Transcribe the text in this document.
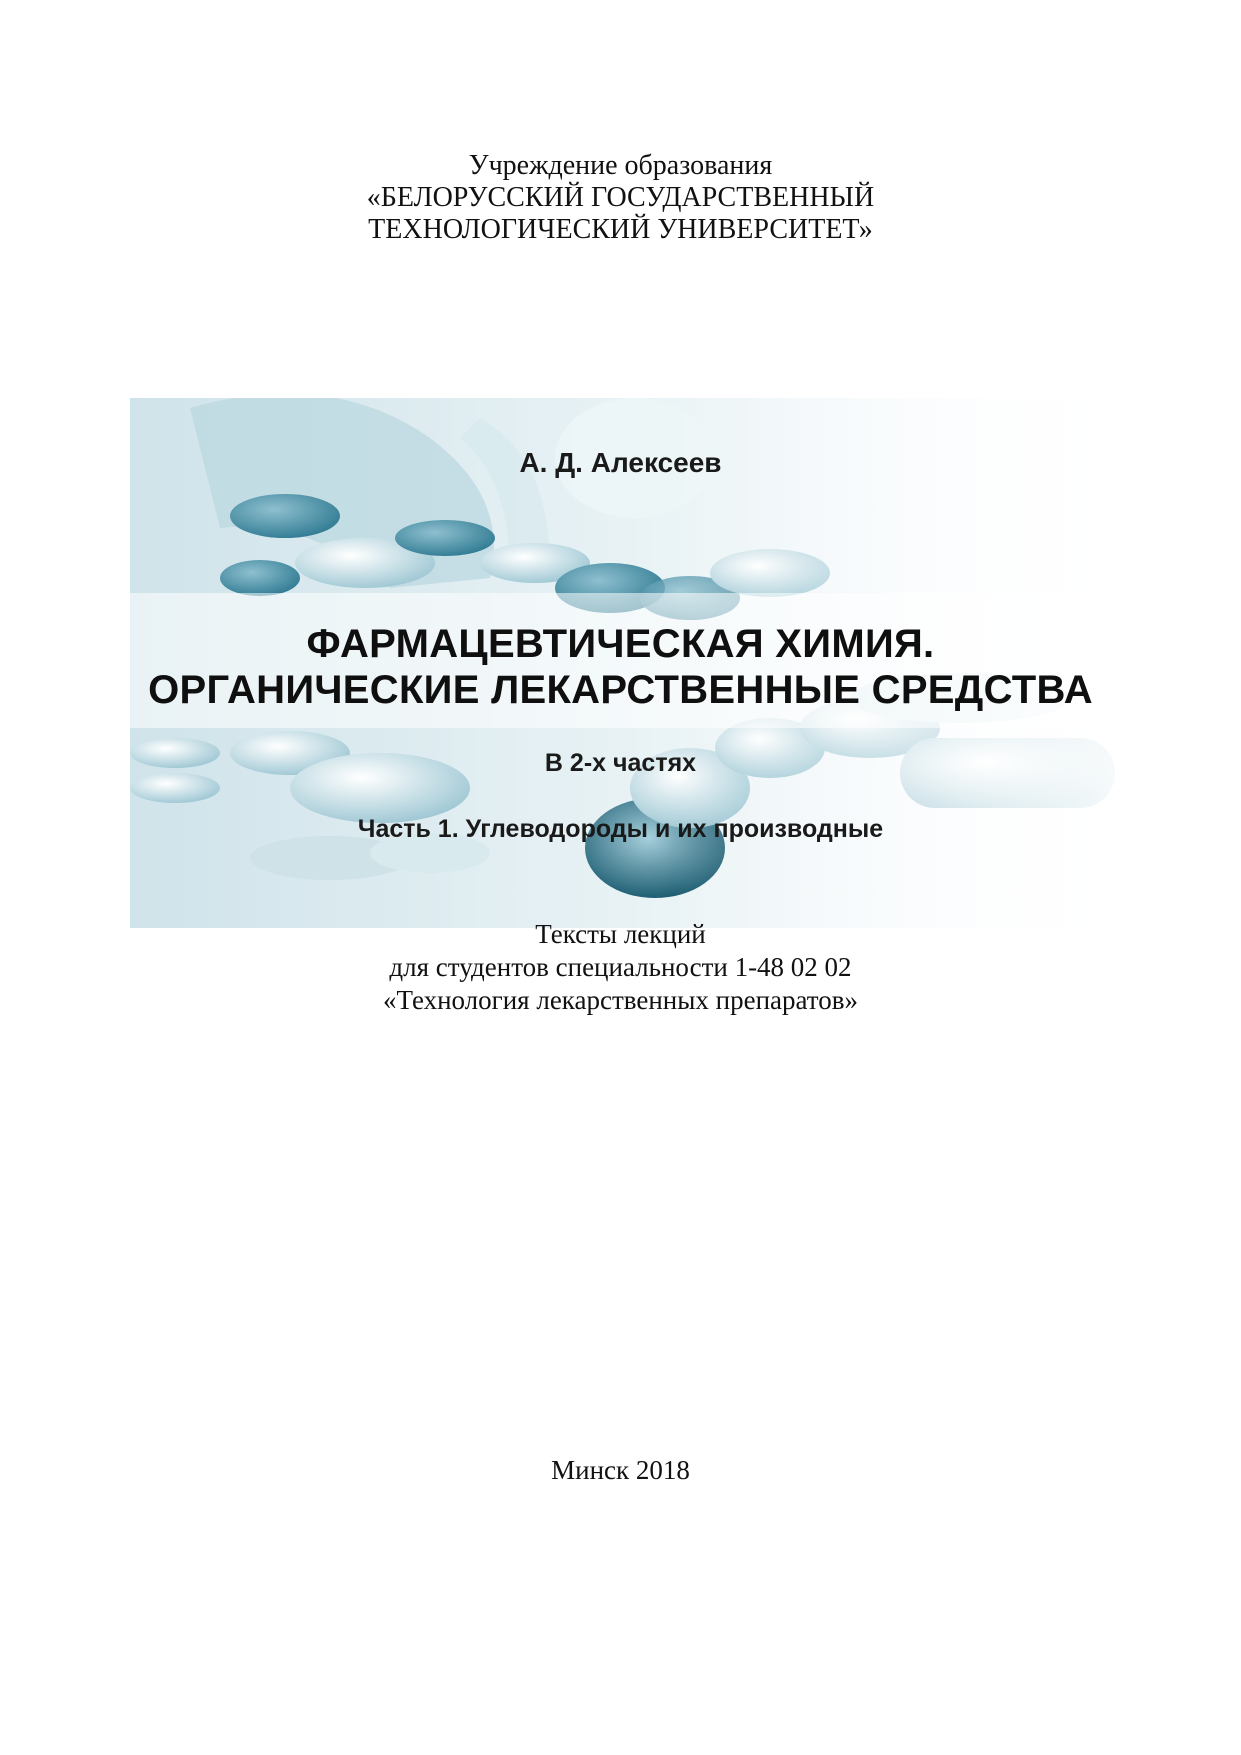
Учреждение образования
«БЕЛОРУССКИЙ ГОСУДАРСТВЕННЫЙ
ТЕХНОЛОГИЧЕСКИЙ УНИВЕРСИТЕТ»
А. Д. Алексеев
ФАРМАЦЕВТИЧЕСКАЯ ХИМИЯ.
ОРГАНИЧЕСКИЕ ЛЕКАРСТВЕННЫЕ СРЕДСТВА
В 2-х частях
Часть 1. Углеводороды и их производные
Тексты лекций
для студентов специальности 1-48 02 02
«Технология лекарственных препаратов»
Минск 2018
